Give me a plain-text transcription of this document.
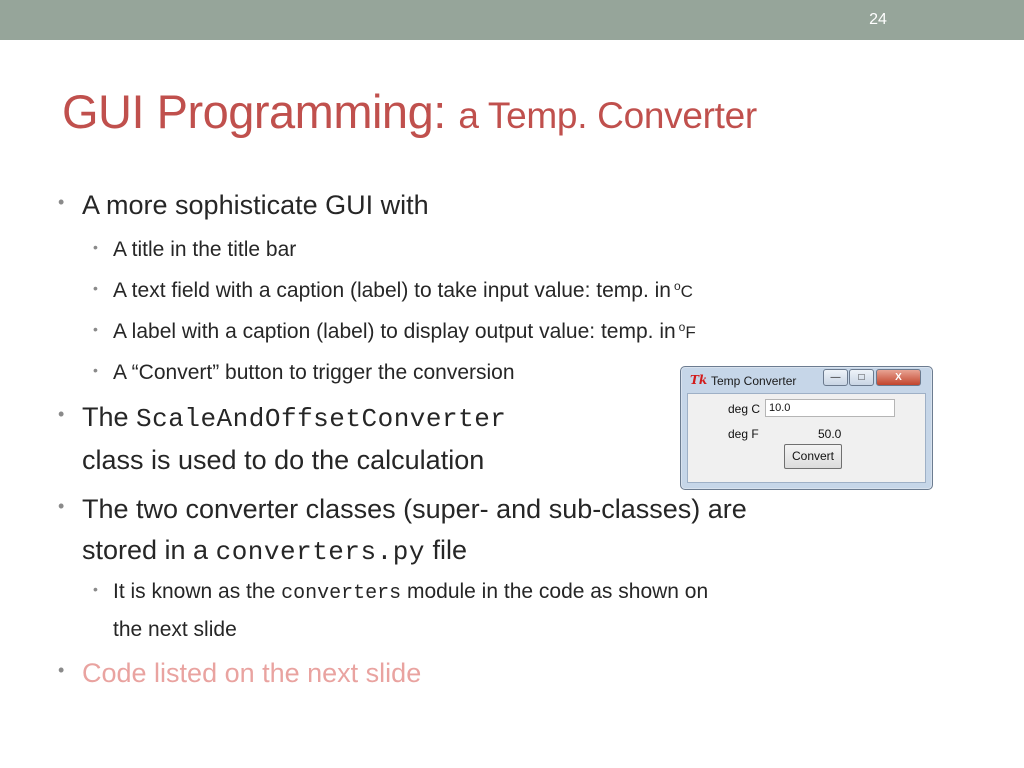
24
GUI Programming: a Temp. Converter
• A more sophisticate GUI with
• A title in the title bar
• A text field with a caption (label) to take input value: temp. in $^o$C
• A label with a caption (label) to display output value: temp. in $^o$F
• A “Convert” button to trigger the conversion
• The ScaleAndOffsetConverter
class is used to do the calculation
• The two converter classes (super- and sub-classes) are
stored in a converters.py file
• It is known as the converters module in the code as shown on
the next slide
• Code listed on the next slide
Tk Temp Converter	—	□	X
deg C 10.0
deg F	50.0
Convert
